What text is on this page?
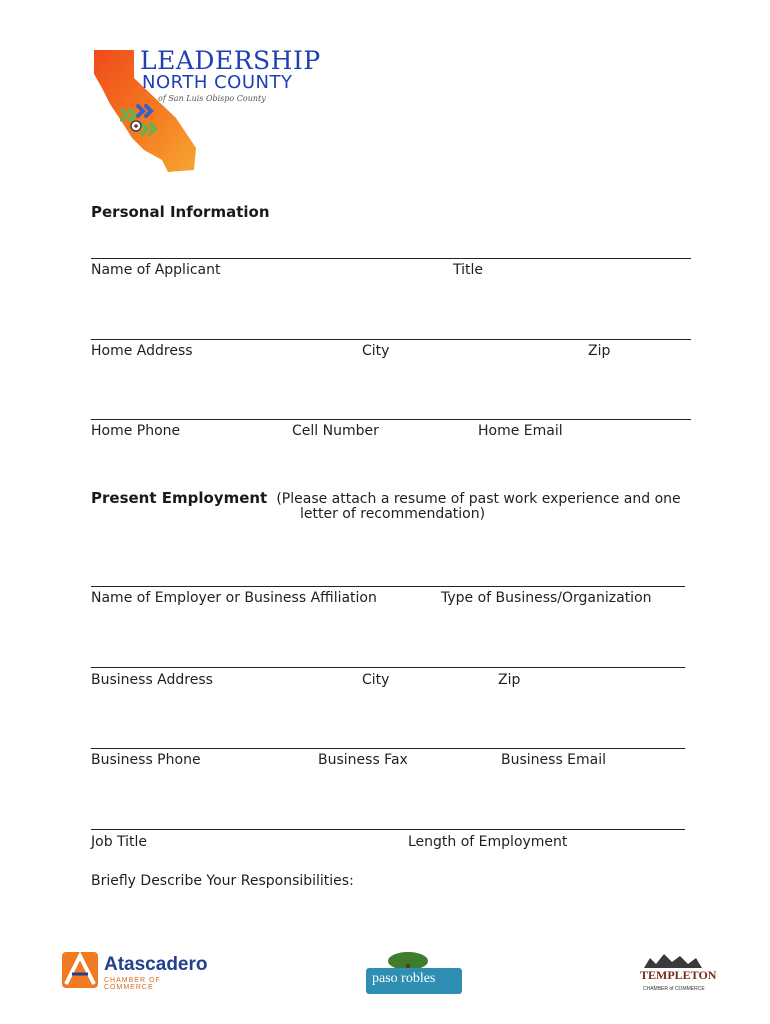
LEADERSHIP
NORTH COUNTY
of San Luis Obispo County
Personal Information
Name of Applicant	Title
Home Address	City	Zip
Home Phone	Cell Number	Home Email
Present Employment (Please attach a resume of past work experience and one
letter of recommendation)
Name of Employer or Business Affiliation	Type of Business/Organization
Business Address	City	Zip
Business Phone	Business Fax	Business Email
Job Title	Length of Employment
Briefly Describe Your Responsibilities:
Atascadero
CHAMBER OF COMMERCE
paso robles	TEMPLETON
CHAMBER of COMMERCE
